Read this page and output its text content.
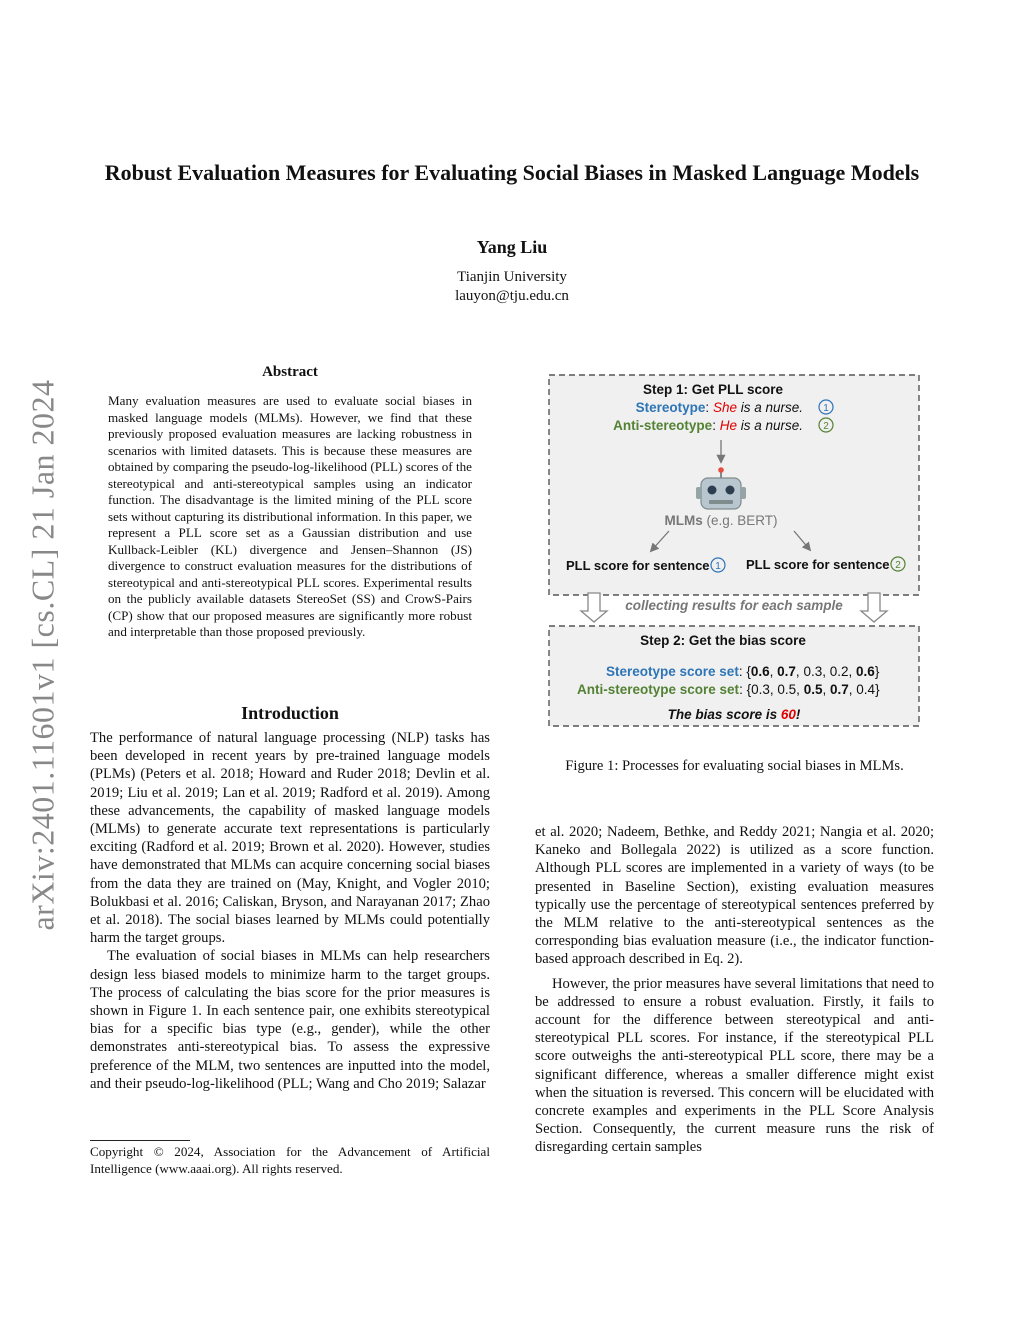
Robust Evaluation Measures for Evaluating Social Biases in Masked Language Models
Yang Liu
Tianjin University
lauyon@tju.edu.cn
arXiv:2401.11601v1 [cs.CL] 21 Jan 2024
Abstract
Many evaluation measures are used to evaluate social biases in masked language models (MLMs). However, we find that these previously proposed evaluation measures are lacking robustness in scenarios with limited datasets. This is because these measures are obtained by comparing the pseudo-log-likelihood (PLL) scores of the stereotypical and anti-stereotypical samples using an indicator function. The disadvantage is the limited mining of the PLL score sets without capturing its distributional information. In this paper, we represent a PLL score set as a Gaussian distribution and use Kullback-Leibler (KL) divergence and Jensen–Shannon (JS) divergence to construct evaluation measures for the distributions of stereotypical and anti-stereotypical PLL scores. Experimental results on the publicly available datasets StereoSet (SS) and CrowS-Pairs (CP) show that our proposed measures are significantly more robust and interpretable than those proposed previously.
Introduction

The performance of natural language processing (NLP) tasks has been developed in recent years by pre-trained language models (PLMs) (Peters et al. 2018; Howard and Ruder 2018; Devlin et al. 2019; Liu et al. 2019; Lan et al. 2019; Radford et al. 2019). Among these advancements, the capability of masked language models (MLMs) to generate accurate text representations is particularly exciting (Radford et al. 2019; Brown et al. 2020). However, studies have demonstrated that MLMs can acquire concerning social biases from the data they are trained on (May, Knight, and Vogler 2010; Bolukbasi et al. 2016; Caliskan, Bryson, and Narayanan 2017; Zhao et al. 2018). The social biases learned by MLMs could potentially harm the target groups.

The evaluation of social biases in MLMs can help researchers design less biased models to minimize harm to the target groups. The process of calculating the bias score for the prior measures is shown in Figure 1. In each sentence pair, one exhibits stereotypical bias for a specific bias type (e.g., gender), while the other demonstrates anti-stereotypical bias. To assess the expressive preference of the MLM, two sentences are inputted into the model, and their pseudo-log-likelihood (PLL; Wang and Cho 2019; Salazar

Copyright © 2024, Association for the Advancement of Artificial Intelligence (www.aaai.org). All rights reserved.

et al. 2020; Nadeem, Bethke, and Reddy 2021; Nangia et al. 2020; Kaneko and Bollegala 2022) is utilized as a score function. Although PLL scores are implemented in a variety of ways (to be presented in Baseline Section), existing evaluation measures typically use the percentage of stereotypical sentences preferred by the MLM relative to the anti-stereotypical sentences as the corresponding bias evaluation measure (i.e., the indicator function-based approach described in Eq. 2).

However, the prior measures have several limitations that need to be addressed to ensure a robust evaluation. Firstly, it fails to account for the difference between stereotypical and anti-stereotypical PLL scores. For instance, if the stereotypical PLL score outweighs the anti-stereotypical PLL score, there may be a significant difference, whereas a smaller difference might exist when the situation is reversed. This concern will be elucidated with concrete examples and experiments in the PLL Score Analysis Section. Consequently, the current measure runs the risk of disregarding certain samples

Step 1: Get PLL score
Stereotype: She is a nurse. 1
Anti-stereotype: He is a nurse. 2
MLMs (e.g. BERT)
PLL score for sentence 1 PLL score for sentence 2
collecting results for each sample
Step 2: Get the bias score
Stereotype score set: {0.6, 0.7, 0.3, 0.2, 0.6}
Anti-stereotype score set: {0.3, 0.5, 0.5, 0.7, 0.4}
The bias score is 60!
Figure 1: Processes for evaluating social biases in MLMs.
